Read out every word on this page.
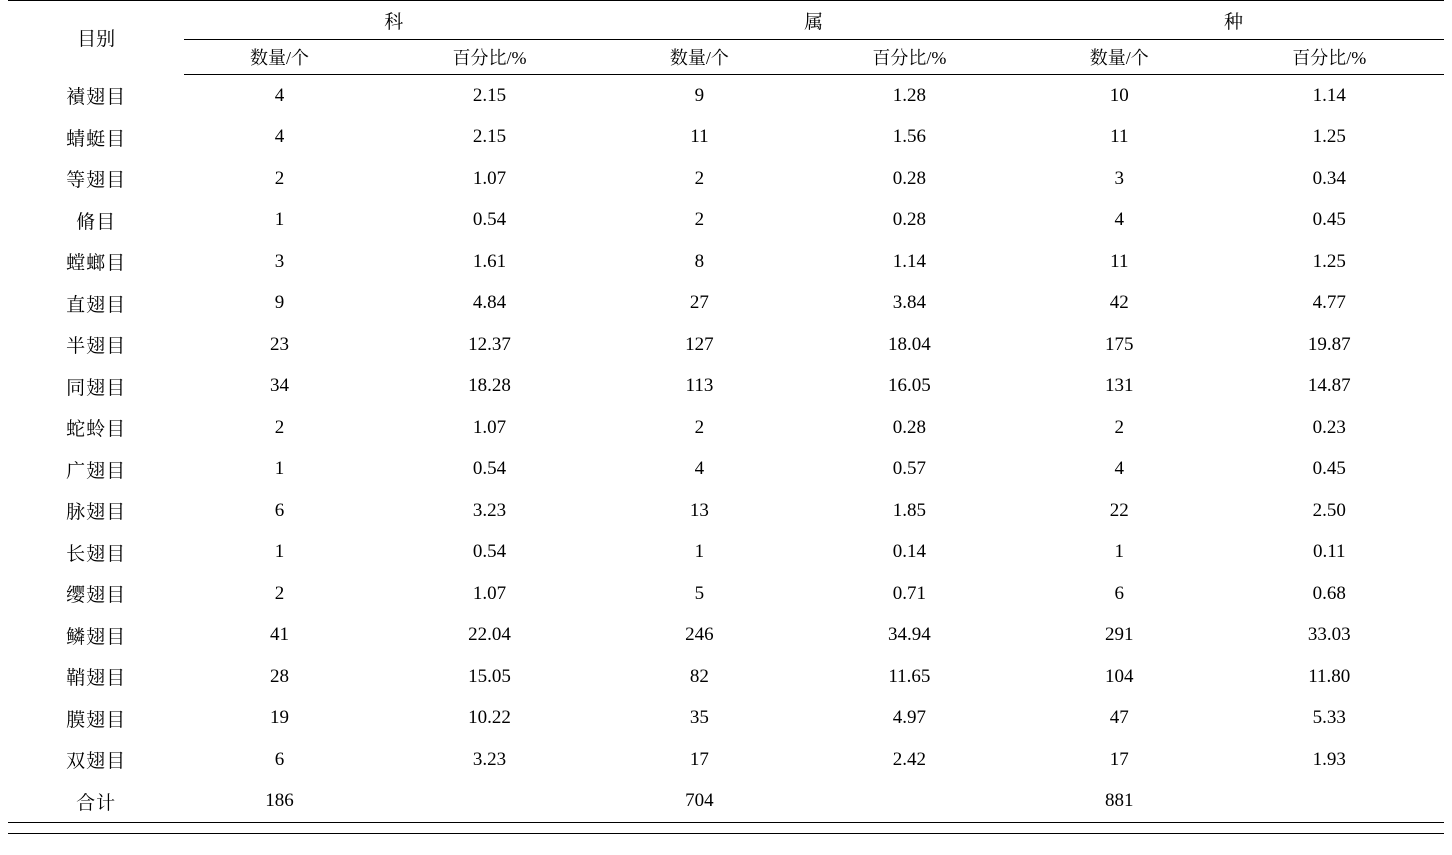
目别	科		属		种	
	数量/个	百分比/%	数量/个	百分比/%	数量/个	百分比/%
襀翅目	4	2.15	9	1.28	10	1.14
蜻蜓目	4	2.15	11	1.56	11	1.25
等翅目	2	1.07	2	0.28	3	0.34
脩目	1	0.54	2	0.28	4	0.45
螳螂目	3	1.61	8	1.14	11	1.25
直翅目	9	4.84	27	3.84	42	4.77
半翅目	23	12.37	127	18.04	175	19.87
同翅目	34	18.28	113	16.05	131	14.87
蛇蛉目	2	1.07	2	0.28	2	0.23
广翅目	1	0.54	4	0.57	4	0.45
脉翅目	6	3.23	13	1.85	22	2.50
长翅目	1	0.54	1	0.14	1	0.11
缨翅目	2	1.07	5	0.71	6	0.68
鳞翅目	41	22.04	246	34.94	291	33.03
鞘翅目	28	15.05	82	11.65	104	11.80
膜翅目	19	10.22	35	4.97	47	5.33
双翅目	6	3.23	17	2.42	17	1.93
合计	186		704		881	
